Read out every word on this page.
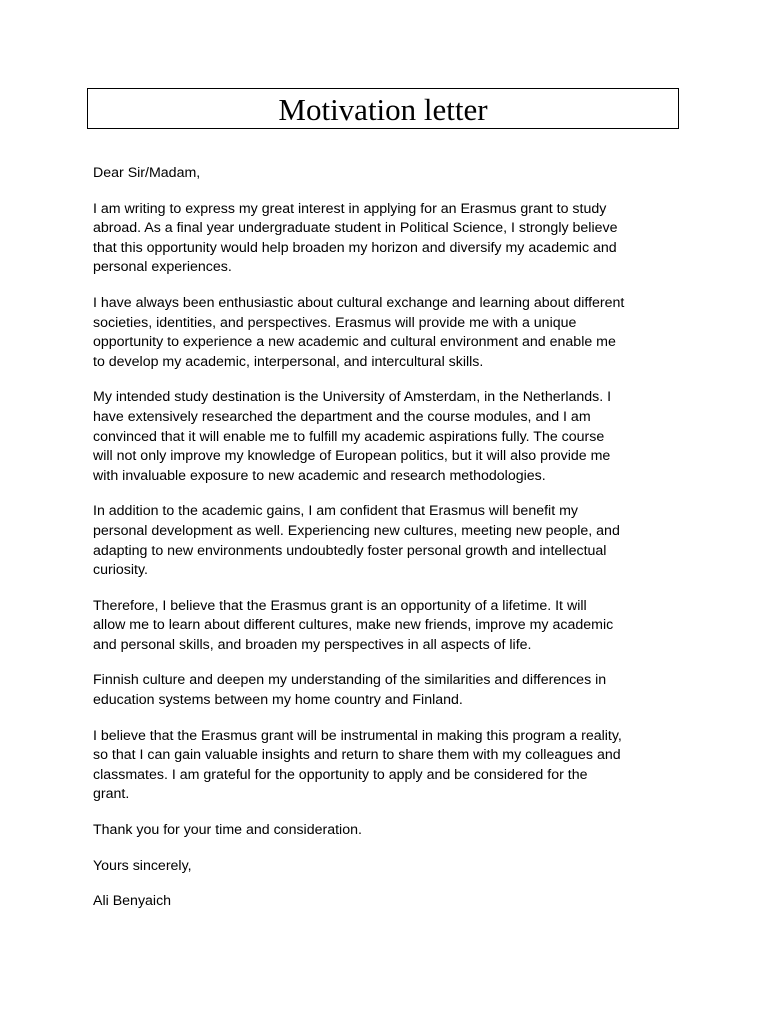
Motivation letter

Dear Sir/Madam,

I am writing to express my great interest in applying for an Erasmus grant to study
abroad. As a final year undergraduate student in Political Science, I strongly believe
that this opportunity would help broaden my horizon and diversify my academic and
personal experiences.

I have always been enthusiastic about cultural exchange and learning about different
societies, identities, and perspectives. Erasmus will provide me with a unique
opportunity to experience a new academic and cultural environment and enable me
to develop my academic, interpersonal, and intercultural skills.

My intended study destination is the University of Amsterdam, in the Netherlands. I
have extensively researched the department and the course modules, and I am
convinced that it will enable me to fulfill my academic aspirations fully. The course
will not only improve my knowledge of European politics, but it will also provide me
with invaluable exposure to new academic and research methodologies.

In addition to the academic gains, I am confident that Erasmus will benefit my
personal development as well. Experiencing new cultures, meeting new people, and
adapting to new environments undoubtedly foster personal growth and intellectual
curiosity.

Therefore, I believe that the Erasmus grant is an opportunity of a lifetime. It will
allow me to learn about different cultures, make new friends, improve my academic
and personal skills, and broaden my perspectives in all aspects of life.

Finnish culture and deepen my understanding of the similarities and differences in
education systems between my home country and Finland.

I believe that the Erasmus grant will be instrumental in making this program a reality,
so that I can gain valuable insights and return to share them with my colleagues and
classmates. I am grateful for the opportunity to apply and be considered for the
grant.

Thank you for your time and consideration.

Yours sincerely,

Ali Benyaich
